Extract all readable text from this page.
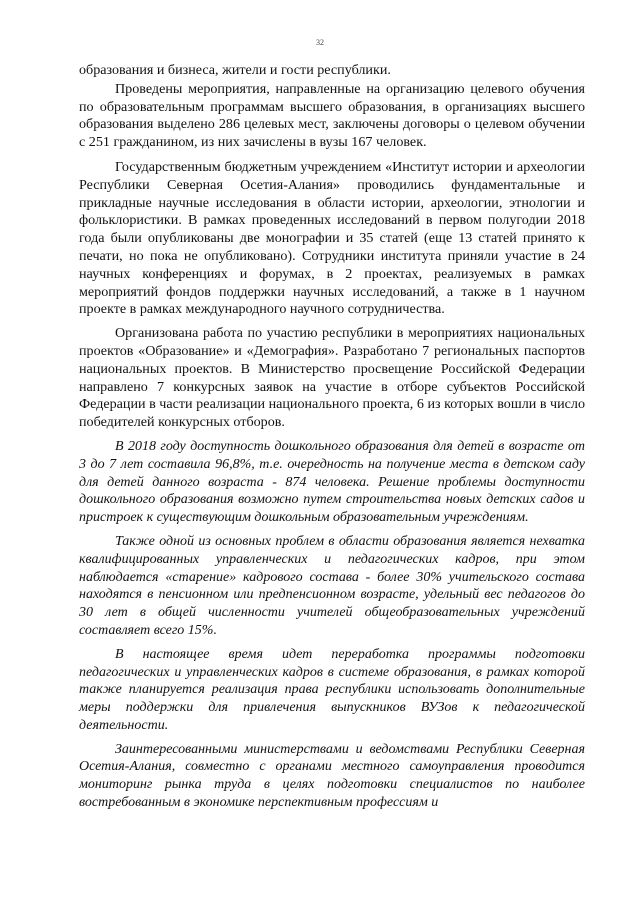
32

образования и бизнеса, жители и гости республики.

Проведены мероприятия, направленные на организацию целевого обучения по образовательным программам высшего образования, в организациях высшего образования выделено 286 целевых мест, заключены договоры о целевом обучении с 251 гражданином, из них зачислены в вузы 167 человек.

Государственным бюджетным учреждением «Институт истории и археологии Республики Северная Осетия-Алания» проводились фундаментальные и прикладные научные исследования в области истории, археологии, этнологии и фольклористики. В рамках проведенных исследований в первом полугодии 2018 года были опубликованы две монографии и 35 статей (еще 13 статей принято к печати, но пока не опубликовано). Сотрудники института приняли участие в 24 научных конференциях и форумах, в 2 проектах, реализуемых в рамках мероприятий фондов поддержки научных исследований, а также в 1 научном проекте в рамках международного научного сотрудничества.

Организована работа по участию республики в мероприятиях национальных проектов «Образование» и «Демография». Разработано 7 региональных паспортов национальных проектов. В Министерство просвещение Российской Федерации направлено 7 конкурсных заявок на участие в отборе субъектов Российской Федерации в части реализации национального проекта, 6 из которых вошли в число победителей конкурсных отборов.

В 2018 году доступность дошкольного образования для детей в возрасте от 3 до 7 лет составила 96,8%, т.е. очередность на получение места в детском саду для детей данного возраста - 874 человека. Решение проблемы доступности дошкольного образования возможно путем строительства новых детских садов и пристроек к существующим дошкольным образовательным учреждениям.

Также одной из основных проблем в области образования является нехватка квалифицированных управленческих и педагогических кадров, при этом наблюдается «старение» кадрового состава - более 30% учительского состава находятся в пенсионном или предпенсионном возрасте, удельный вес педагогов до 30 лет в общей численности учителей общеобразовательных учреждений составляет всего 15%.

В настоящее время идет переработка программы подготовки педагогических и управленческих кадров в системе образования, в рамках которой также планируется реализация права республики использовать дополнительные меры поддержки для привлечения выпускников ВУЗов к педагогической деятельности.

Заинтересованными министерствами и ведомствами Республики Северная Осетия-Алания, совместно с органами местного самоуправления проводится мониторинг рынка труда в целях подготовки специалистов по наиболее востребованным в экономике перспективным профессиям и
